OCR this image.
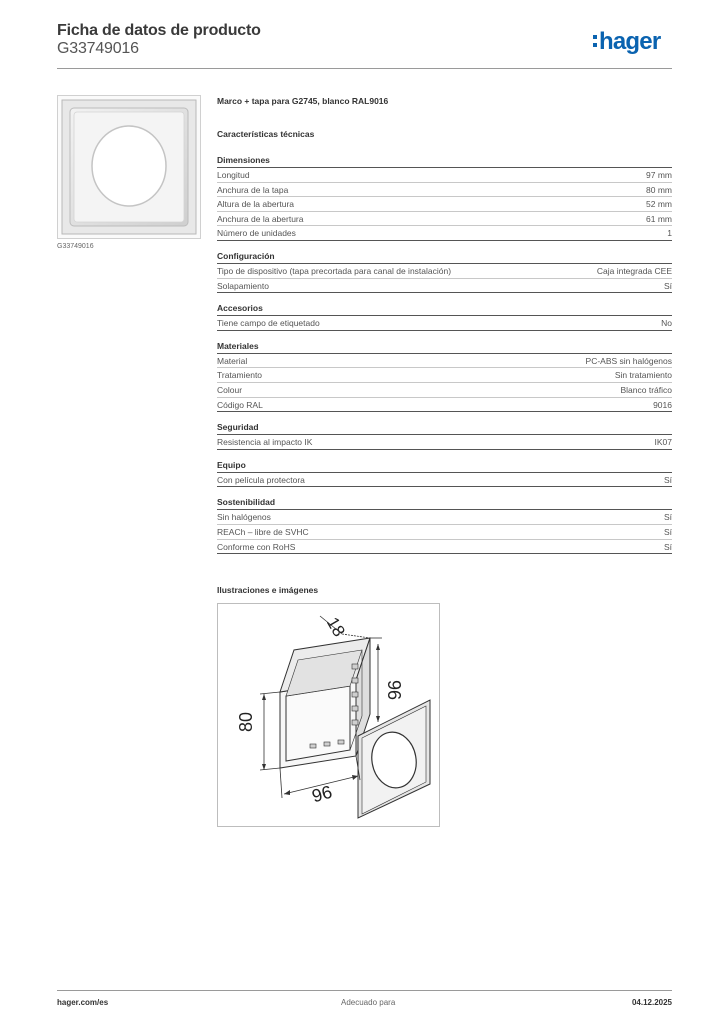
Ficha de datos de producto
G33749016	hager
G33749016
Marco + tapa para G2745, blanco RAL9016
Características técnicas
Dimensiones
Longitud	97 mm
Anchura de la tapa	80 mm
Altura de la abertura	52 mm
Anchura de la abertura	61 mm
Número de unidades	1
Configuración
Tipo de dispositivo (tapa precortada para canal de instalación)	Caja integrada CEE
Solapamiento	Sí
Accesorios
Tiene campo de etiquetado	No
Materiales
Material	PC-ABS sin halógenos
Tratamiento	Sin tratamiento
Colour	Blanco tráfico
Código RAL	9016
Seguridad
Resistencia al impacto IK	IK07
Equipo
Con película protectora	Sí
Sostenibilidad
Sin halógenos	Sí
REACh – libre de SVHC	Sí
Conforme con RoHS	Sí
Ilustraciones e imágenes
18
80
96
96
hager.com/es	Adecuado para	04.12.2025
